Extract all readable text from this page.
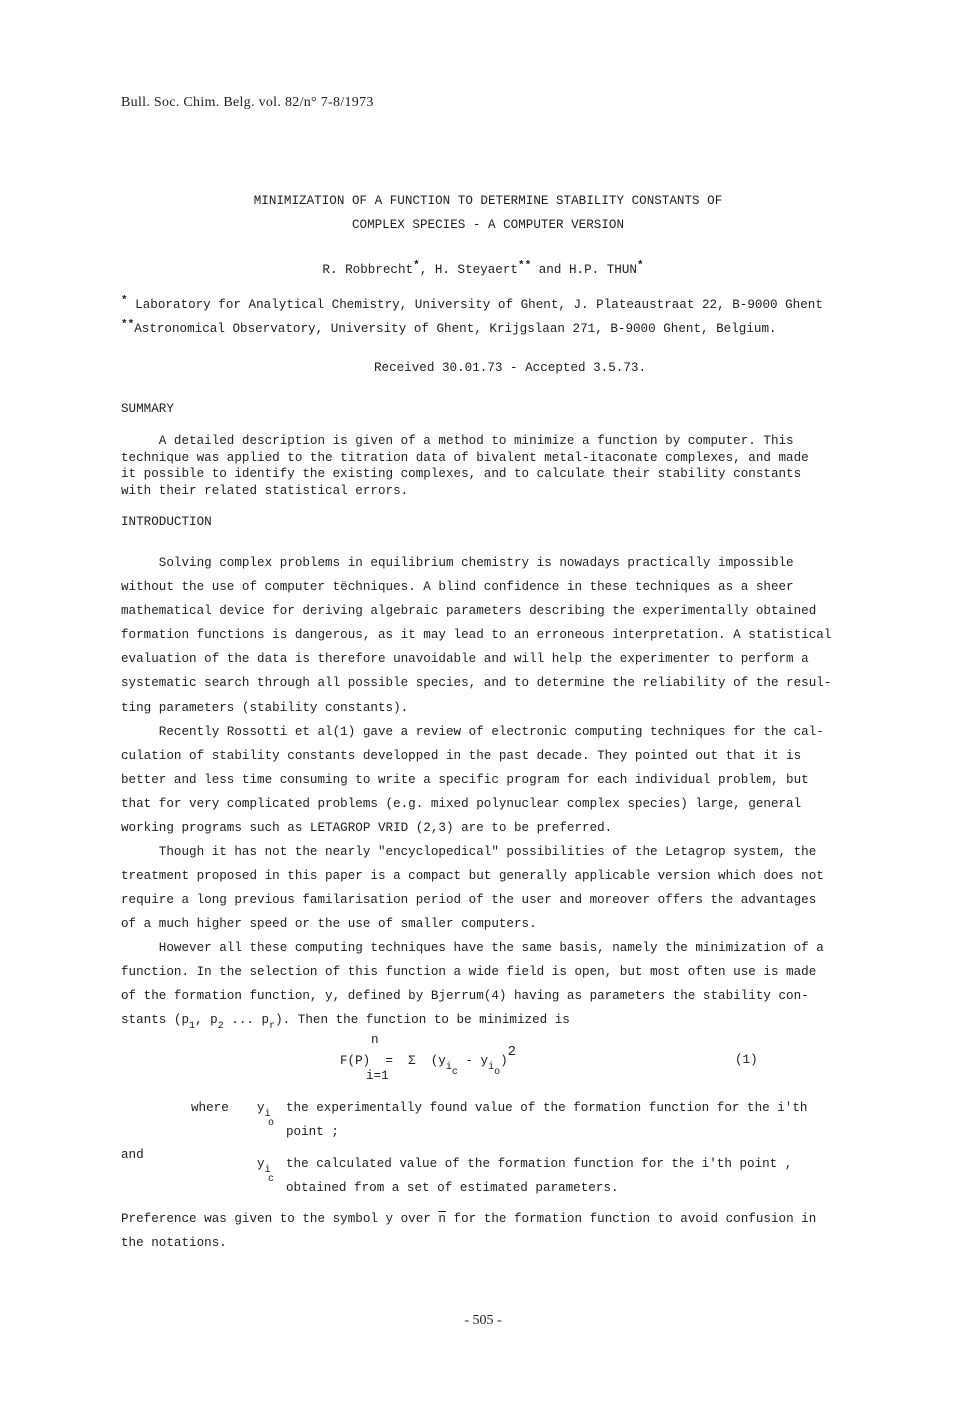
Bull. Soc. Chim. Belg. vol. 82/n° 7-8/1973
MINIMIZATION OF A FUNCTION TO DETERMINE STABILITY CONSTANTS OF
COMPLEX SPECIES - A COMPUTER VERSION
R. Robbrecht*, H. Steyaert** and H.P. THUN*
* Laboratory for Analytical Chemistry, University of Ghent, J. Plateaustraat 22, B-9000 Ghent
**Astronomical Observatory, University of Ghent, Krijgslaan 271, B-9000 Ghent, Belgium.
Received 30.01.73 - Accepted 3.5.73.
SUMMARY
A detailed description is given of a method to minimize a function by computer. This
technique was applied to the titration data of bivalent metal-itaconate complexes, and made
it possible to identify the existing complexes, and to calculate their stability constants
with their related statistical errors.
INTRODUCTION
Solving complex problems in equilibrium chemistry is nowadays practically impossible
without the use of computer tëchniques. A blind confidence in these techniques as a sheer
mathematical device for deriving algebraic parameters describing the experimentally obtained
formation functions is dangerous, as it may lead to an erroneous interpretation. A statistical
evaluation of the data is therefore unavoidable and will help the experimenter to perform a
systematic search through all possible species, and to determine the reliability of the resul-
ting parameters (stability constants).
Recently Rossotti et al(1) gave a review of electronic computing techniques for the cal-
culation of stability constants developped in the past decade. They pointed out that it is
better and less time consuming to write a specific program for each individual problem, but
that for very complicated problems (e.g. mixed polynuclear complex species) large, general
working programs such as LETAGROP VRID (2,3) are to be preferred.
Though it has not the nearly "encyclopedical" possibilities of the Letagrop system, the
treatment proposed in this paper is a compact but generally applicable version which does not
require a long previous familarisation period of the user and moreover offers the advantages
of a much higher speed or the use of smaller computers.
However all these computing techniques have the same basis, namely the minimization of a
function. In the selection of this function a wide field is open, but most often use is made
of the formation function, y, defined by Bjerrum(4) having as parameters the stability con-
stants ($p_1$, $p_2$ ... $p_r$). Then the function to be minimized is
n
F(P)  =  Σ  $(y_{ic} - y_{io})2$
i=1
(1)
where $y_i$
o
the experimentally found value of the formation function for the i'th
point ;
and
$y_i$
c
the calculated value of the formation function for the i'th point ,
obtained from a set of estimated parameters.
Preference was given to the symbol y over $\overline{n}$ for the formation function to avoid confusion in
the notations.
- 505 -
